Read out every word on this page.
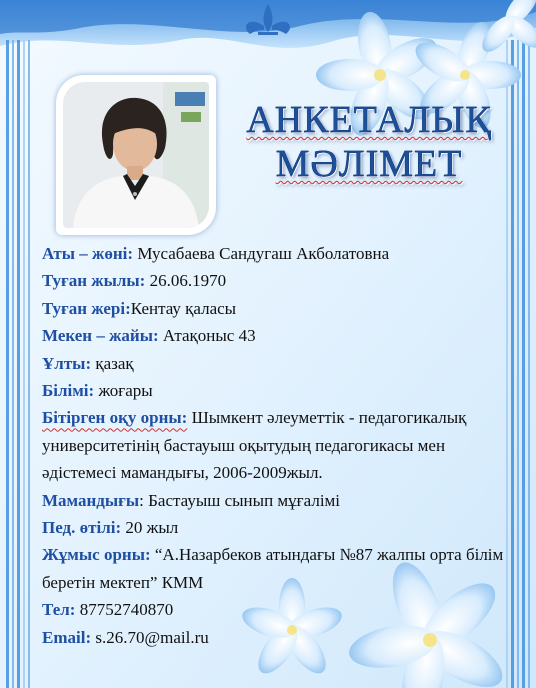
АНКЕТАЛЫҚ
МӘЛІМЕТ

Аты – жөні: Мусабаева Сандугаш Акболатовна

Туған жылы: 26.06.1970

Туған жері:Кентау қаласы

Мекен – жайы: Атақоныс 43

Ұлты: қазақ

Білімі: жоғары

Бітірген оқу орны: Шымкент әлеуметтік - педагогикалық университетінің бастауыш оқытудың педагогикасы мен әдістемесі мамандығы, 2006-2009жыл.

Мамандығы: Бастауыш сынып мұғалімі

Пед. өтілі: 20 жыл

Жұмыс орны: “А.Назарбеков атындағы №87 жалпы орта білім беретін мектеп” КММ

Тел: 87752740870

Email: s.26.70@mail.ru
